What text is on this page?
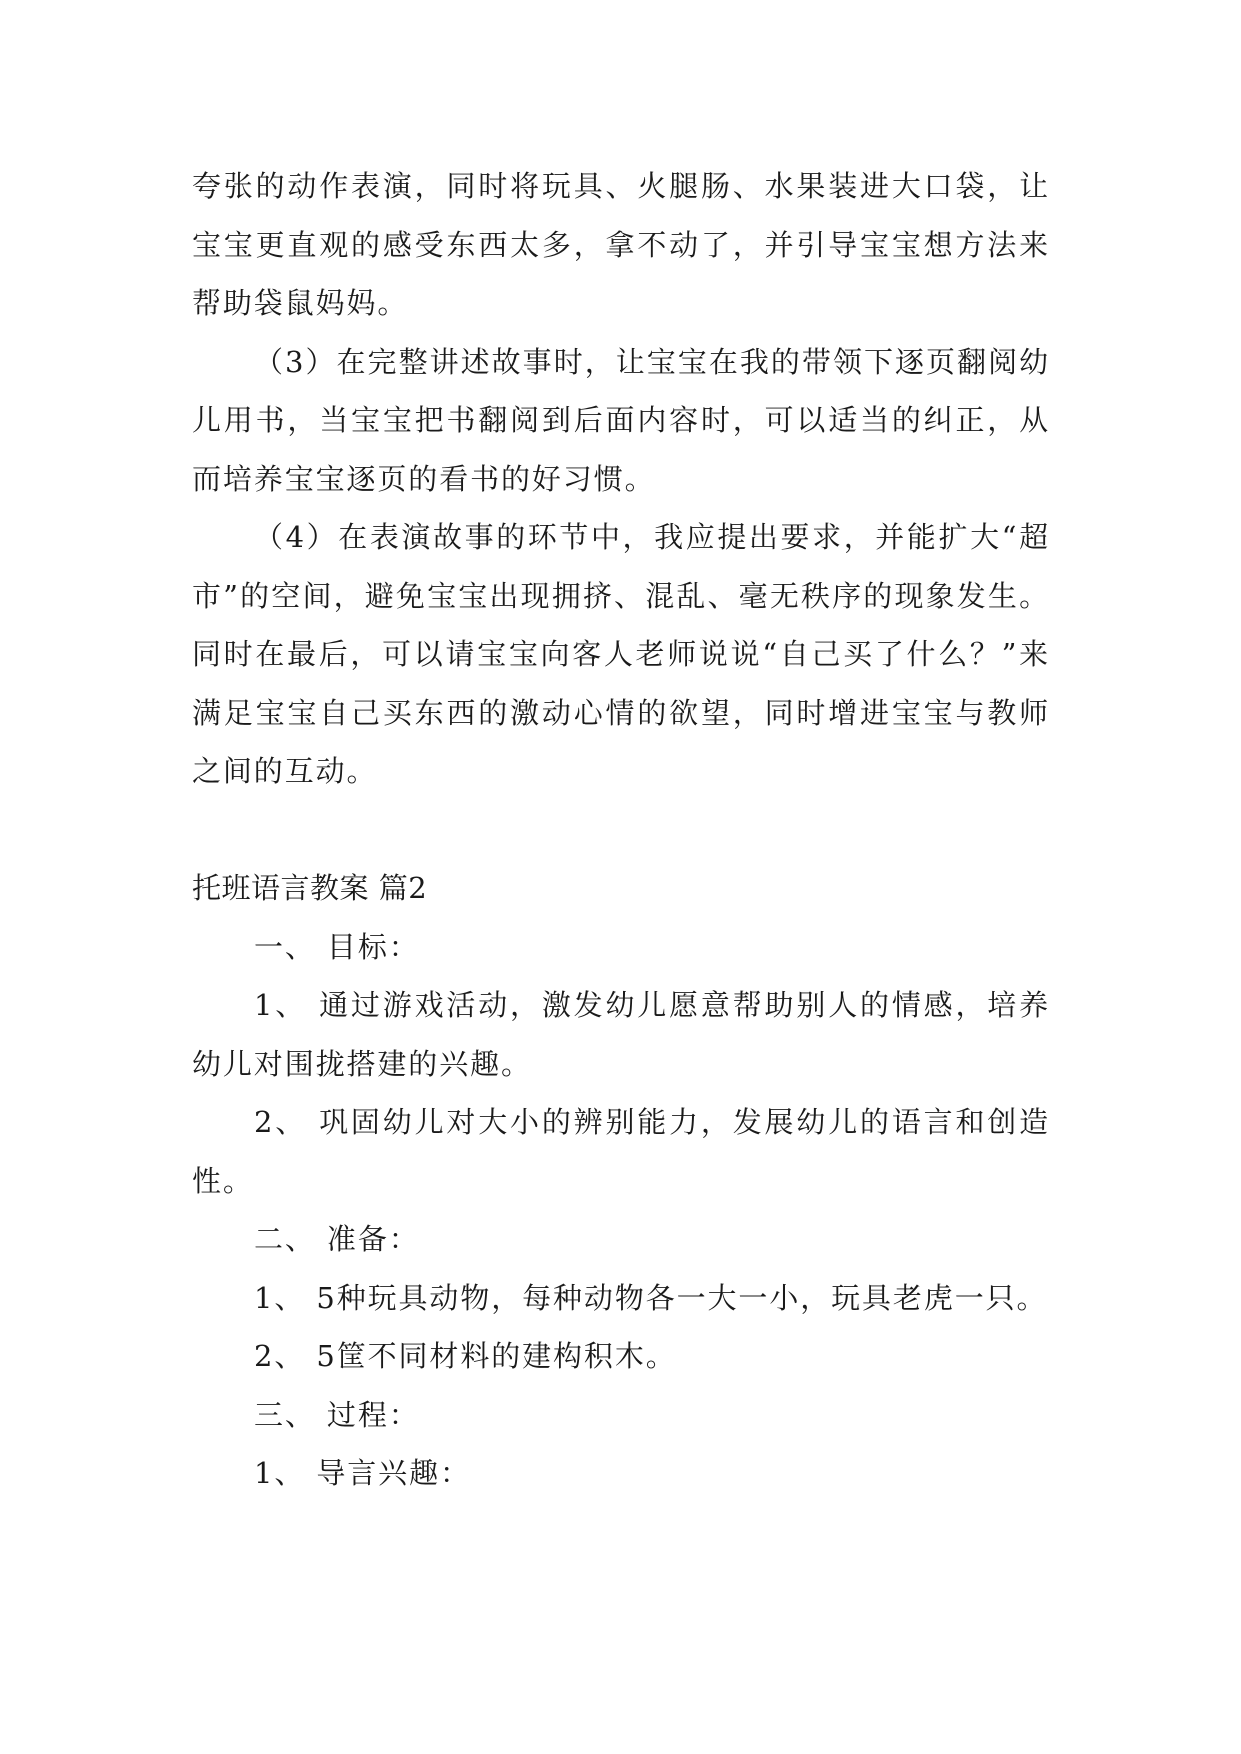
夸张的动作表演，同时将玩具、火腿肠、水果装进大口袋，让宝宝更直观的感受东西太多，拿不动了，并引导宝宝想方法来帮助袋鼠妈妈。

（3）在完整讲述故事时，让宝宝在我的带领下逐页翻阅幼儿用书，当宝宝把书翻阅到后面内容时，可以适当的纠正，从而培养宝宝逐页的看书的好习惯。

（4）在表演故事的环节中，我应提出要求，并能扩大“超市”的空间，避免宝宝出现拥挤、混乱、毫无秩序的现象发生。同时在最后，可以请宝宝向客人老师说说“自己买了什么？”来满足宝宝自己买东西的激动心情的欲望，同时增进宝宝与教师之间的互动。

托班语言教案 篇2

一、 目标：

1、 通过游戏活动，激发幼儿愿意帮助别人的情感，培养幼儿对围拢搭建的兴趣。

2、 巩固幼儿对大小的辨别能力，发展幼儿的语言和创造性。

二、 准备：

1、 5种玩具动物，每种动物各一大一小，玩具老虎一只。

2、 5筐不同材料的建构积木。

三、 过程：

1、 导言兴趣：
